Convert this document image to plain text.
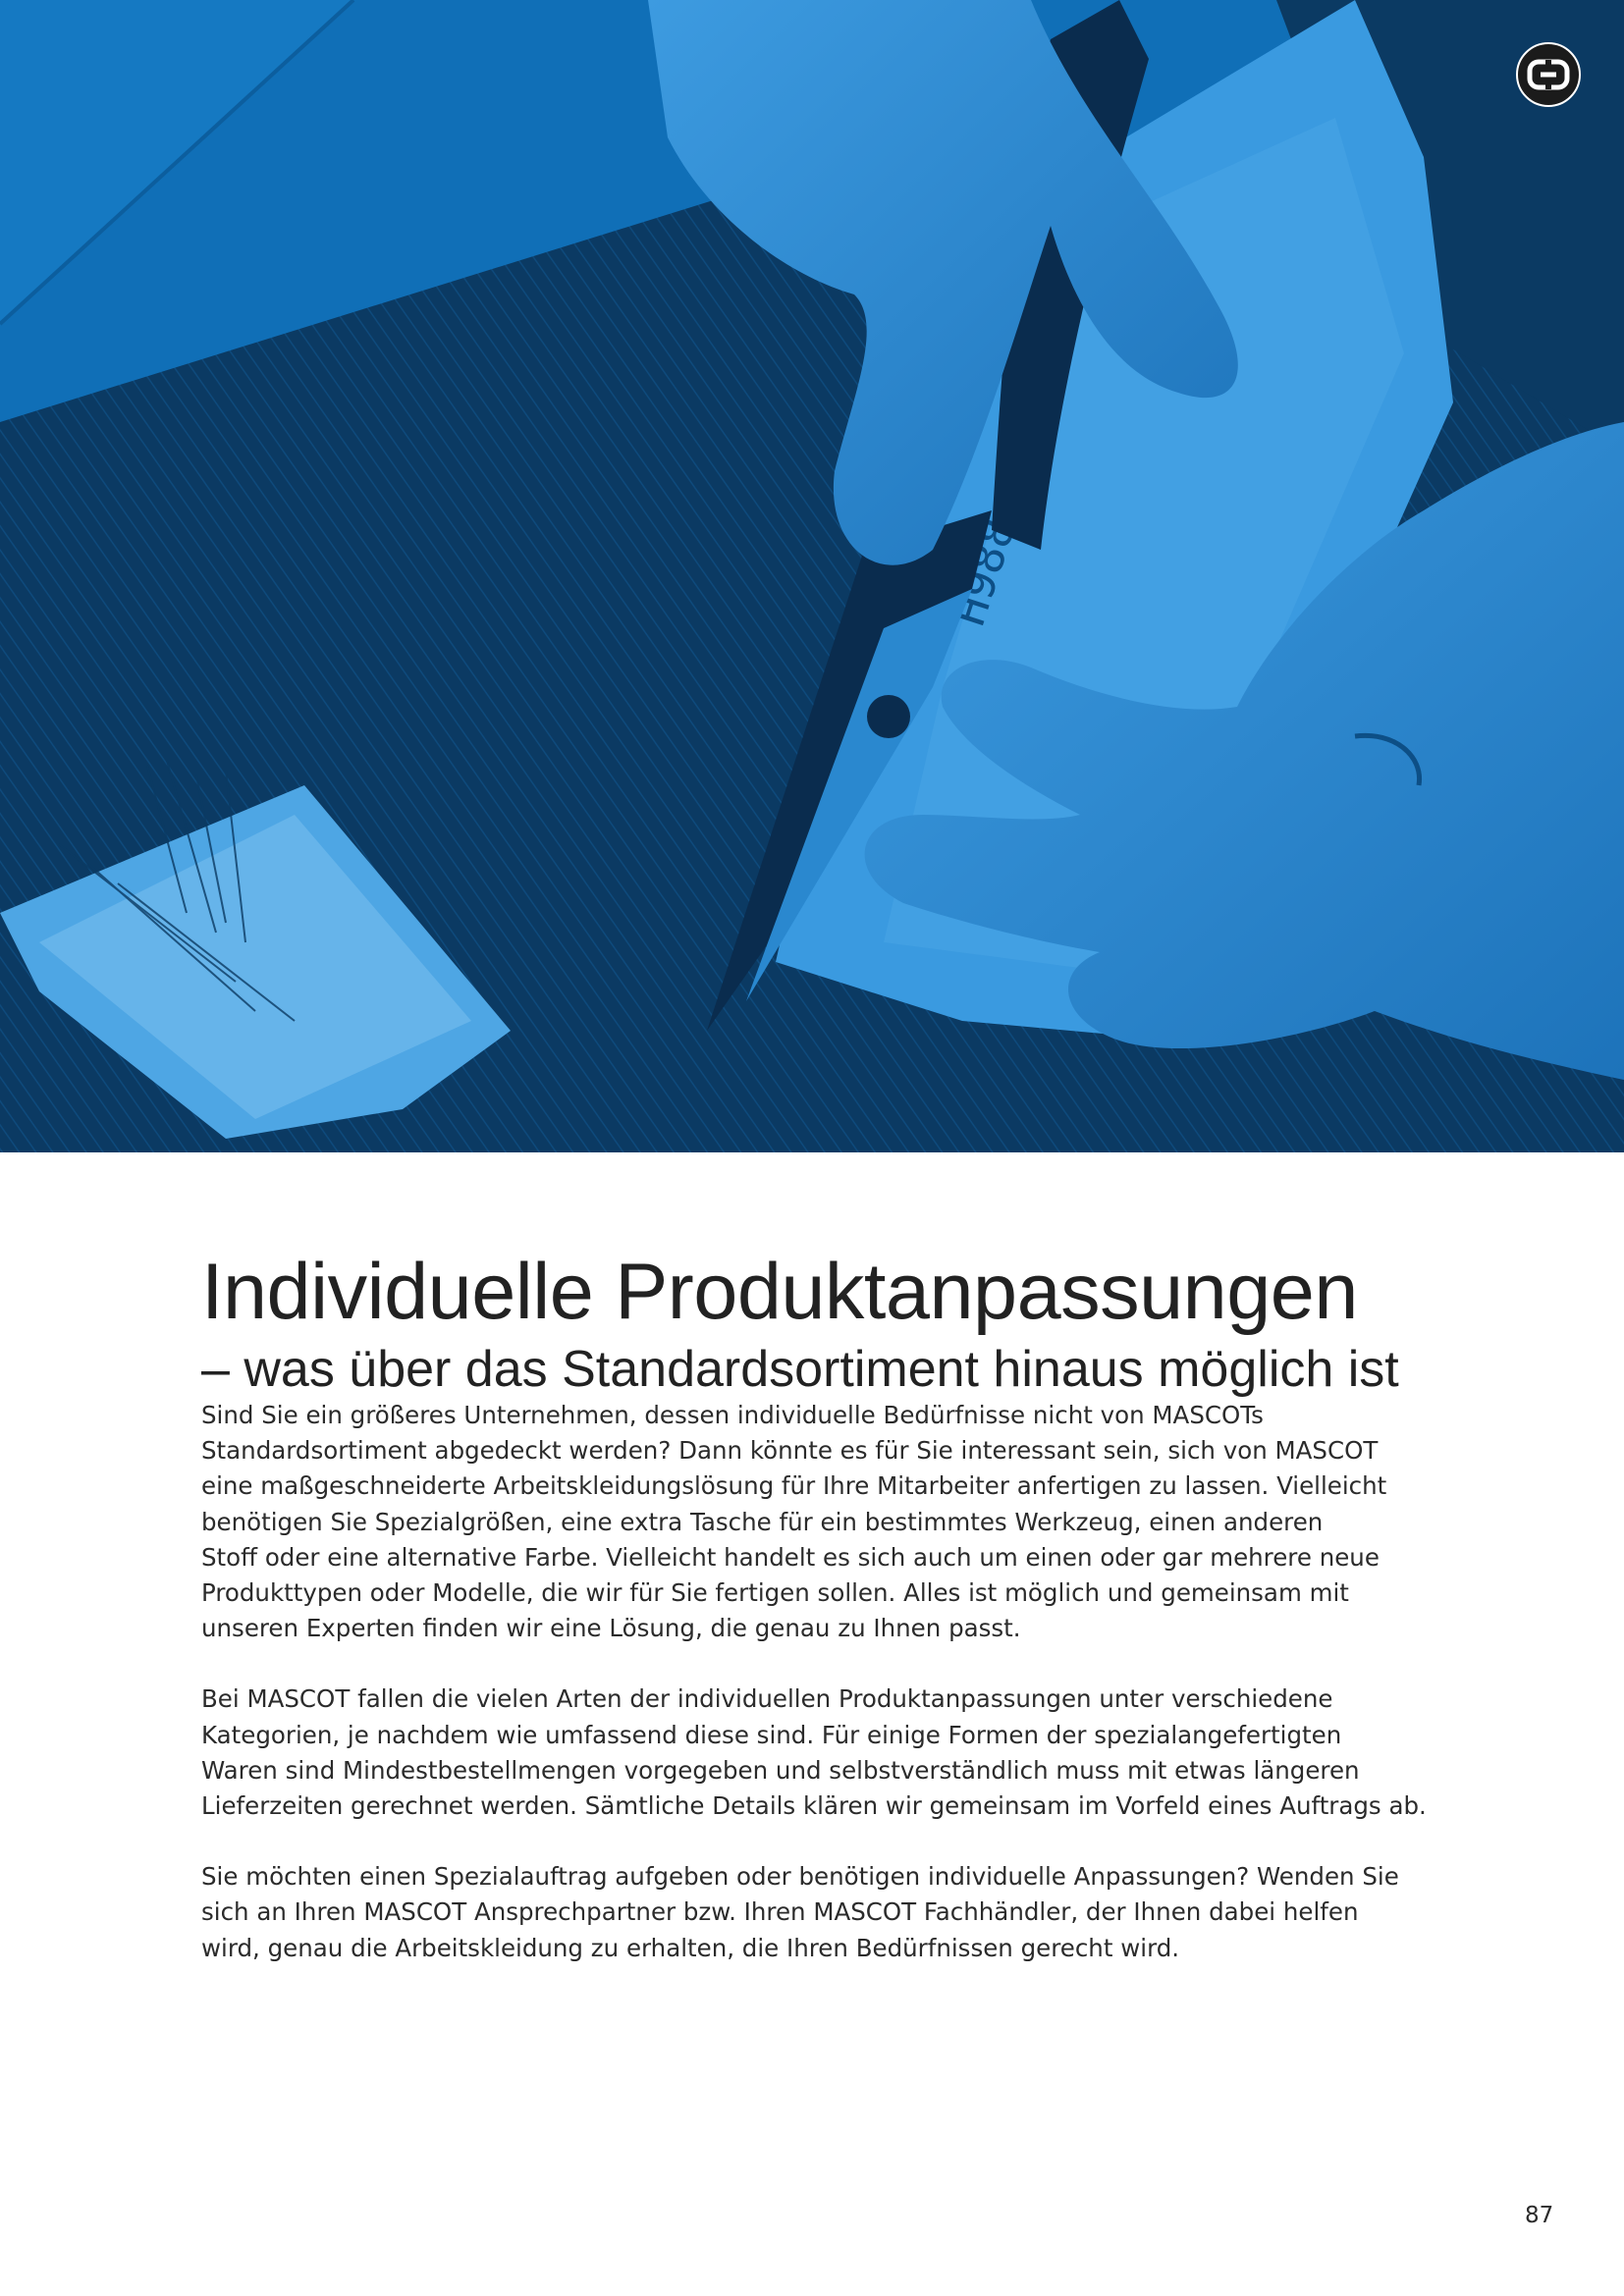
H988-82
Individuelle Produktanpassungen
– was über das Standardsortiment hinaus möglich ist

Sind Sie ein größeres Unternehmen, dessen individuelle Bedürfnisse nicht von MASCOTs
Standardsortiment abgedeckt werden? Dann könnte es für Sie interessant sein, sich von MASCOT
eine maßgeschneiderte Arbeitskleidungslösung für Ihre Mitarbeiter anfertigen zu lassen. Vielleicht
benötigen Sie Spezialgrößen, eine extra Tasche für ein bestimmtes Werkzeug, einen anderen
Stoff oder eine alternative Farbe. Vielleicht handelt es sich auch um einen oder gar mehrere neue
Produkttypen oder Modelle, die wir für Sie fertigen sollen. Alles ist möglich und gemeinsam mit
unseren Experten finden wir eine Lösung, die genau zu Ihnen passt.

Bei MASCOT fallen die vielen Arten der individuellen Produktanpassungen unter verschiedene
Kategorien, je nachdem wie umfassend diese sind. Für einige Formen der spezialangefertigten
Waren sind Mindestbestellmengen vorgegeben und selbstverständlich muss mit etwas längeren
Lieferzeiten gerechnet werden. Sämtliche Details klären wir gemeinsam im Vorfeld eines Auftrags ab.

Sie möchten einen Spezialauftrag aufgeben oder benötigen individuelle Anpassungen? Wenden Sie
sich an Ihren MASCOT Ansprechpartner bzw. Ihren MASCOT Fachhändler, der Ihnen dabei helfen
wird, genau die Arbeitskleidung zu erhalten, die Ihren Bedürfnissen gerecht wird.

87
